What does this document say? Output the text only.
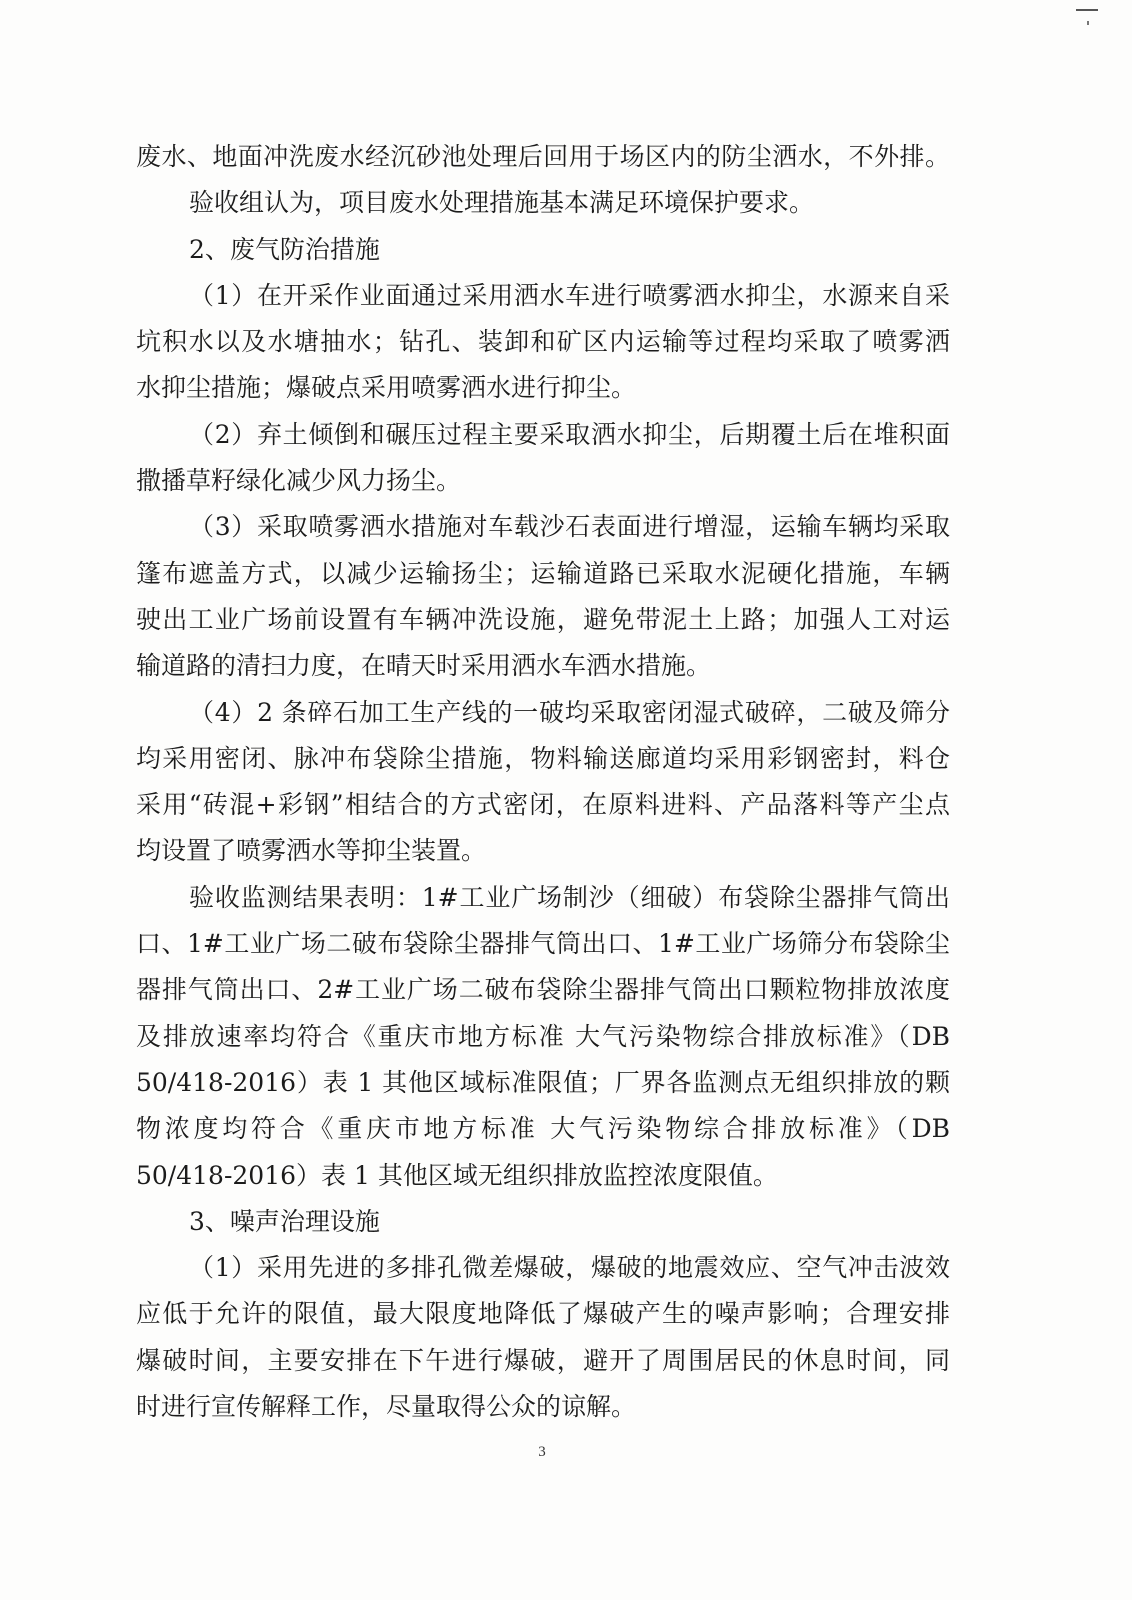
废水、地面冲洗废水经沉砂池处理后回用于场区内的防尘洒水，不外排。
验收组认为，项目废水处理措施基本满足环境保护要求。
2、废气防治措施
（1）在开采作业面通过采用洒水车进行喷雾洒水抑尘，水源来自采
坑积水以及水塘抽水；钻孔、装卸和矿区内运输等过程均采取了喷雾洒
水抑尘措施；爆破点采用喷雾洒水进行抑尘。
（2）弃土倾倒和碾压过程主要采取洒水抑尘，后期覆土后在堆积面
撒播草籽绿化减少风力扬尘。
（3）采取喷雾洒水措施对车载沙石表面进行增湿，运输车辆均采取
篷布遮盖方式，以减少运输扬尘；运输道路已采取水泥硬化措施，车辆
驶出工业广场前设置有车辆冲洗设施，避免带泥土上路；加强人工对运
输道路的清扫力度，在晴天时采用洒水车洒水措施。
（4）2 条碎石加工生产线的一破均采取密闭湿式破碎，二破及筛分
均采用密闭、脉冲布袋除尘措施，物料输送廊道均采用彩钢密封，料仓
采用“砖混+彩钢”相结合的方式密闭，在原料进料、产品落料等产尘点
均设置了喷雾洒水等抑尘装置。
验收监测结果表明：1#工业广场制沙（细破）布袋除尘器排气筒出
口、1#工业广场二破布袋除尘器排气筒出口、1#工业广场筛分布袋除尘
器排气筒出口、2#工业广场二破布袋除尘器排气筒出口颗粒物排放浓度
及排放速率均符合《重庆市地方标准 大气污染物综合排放标准》（DB
50/418-2016）表 1 其他区域标准限值；厂界各监测点无组织排放的颗
物浓度均符合《重庆市地方标准 大气污染物综合排放标准》（DB
50/418-2016）表 1 其他区域无组织排放监控浓度限值。
3、噪声治理设施
（1）采用先进的多排孔微差爆破，爆破的地震效应、空气冲击波效
应低于允许的限值，最大限度地降低了爆破产生的噪声影响；合理安排
爆破时间，主要安排在下午进行爆破，避开了周围居民的休息时间，同
时进行宣传解释工作，尽量取得公众的谅解。
3
